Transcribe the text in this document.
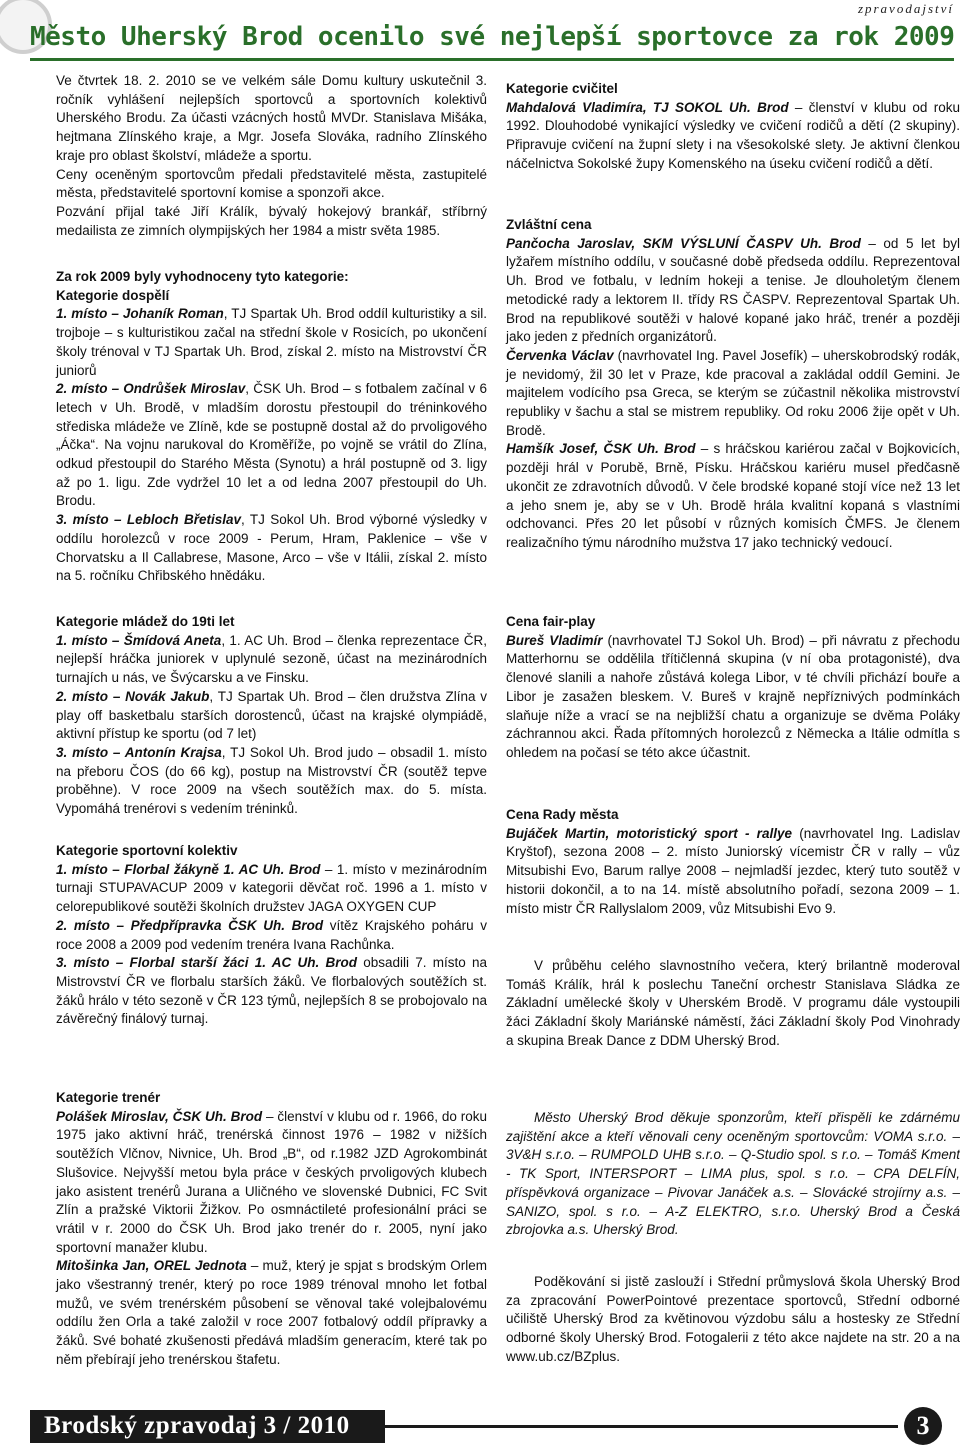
zpravodajství
Město Uherský Brod ocenilo své nejlepší sportovce za rok 2009

Ve čtvrtek 18. 2. 2010 se ve velkém sále Domu kultury uskutečnil 3. ročník vyhlášení nejlepších sportovců a sportovních kolektivů Uherského Brodu. Za účasti vzácných hostů MVDr. Stanislava Mišáka, hejtmana Zlínského kraje, a Mgr. Josefa Slováka, radního Zlínského kraje pro oblast školství, mládeže a sportu.

Ceny oceněným sportovcům předali představitelé města, zastupitelé města, představitelé sportovní komise a sponzoři akce.

Pozvání přijal také Jiří Králík, bývalý hokejový brankář, stříbrný medailista ze zimních olympijských her 1984 a mistr světa 1985.

Za rok 2009 byly vyhodnoceny tyto kategorie:

Kategorie dospělí

1. místo – Johaník Roman, TJ Spartak Uh. Brod oddíl kulturistiky a sil. trojboje – s kulturistikou začal na střední škole v Rosicích, po ukončení školy trénoval v TJ Spartak Uh. Brod, získal 2. místo na Mistrovství ČR juniorů

2. místo – Ondrůšek Miroslav, ČSK Uh. Brod – s fotbalem začínal v 6 letech v Uh. Brodě, v mladším dorostu přestoupil do tréninkového střediska mládeže ve Zlíně, kde se postupně dostal až do prvoligového „Áčka“. Na vojnu narukoval do Kroměříže, po vojně se vrátil do Zlína, odkud přestoupil do Starého Města (Synotu) a hrál postupně od 3. ligy až po 1. ligu. Zde vydržel 10 let a od ledna 2007 přestoupil do Uh. Brodu.

3. místo – Lebloch Břetislav, TJ Sokol Uh. Brod výborné výsledky v oddílu horolezců v roce 2009 - Perum, Hram, Paklenice – vše v Chorvatsku a Il Callabrese, Masone, Arco – vše v Itálii, získal 2. místo na 5. ročníku Chřibského hnědáku.

Kategorie mládež do 19ti let

1. místo – Šmídová Aneta, 1. AC Uh. Brod – členka reprezentace ČR, nejlepší hráčka juniorek v uplynulé sezoně, účast na mezinárodních turnajích u nás, ve Švýcarsku a ve Finsku.

2. místo – Novák Jakub, TJ Spartak Uh. Brod – člen družstva Zlína v play off basketbalu starších dorostenců, účast na krajské olympiádě, aktivní přístup ke sportu (od 7 let)

3. místo – Antonín Krajsa, TJ Sokol Uh. Brod judo – obsadil 1. místo na přeboru ČOS (do 66 kg), postup na Mistrovství ČR (soutěž tepve proběhne). V roce 2009 na všech soutěžích max. do 5. místa. Vypomáhá trenérovi s vedením tréninků.

Kategorie sportovní kolektiv

1. místo – Florbal žákyně 1. AC Uh. Brod – 1. místo v mezinárodním turnaji STUPAVACUP 2009 v kategorii děvčat roč. 1996 a 1. místo v celorepublikové soutěži školních družstev JAGA OXYGEN CUP

2. místo – Předpřípravka ČSK Uh. Brod vítěz Krajského poháru v roce 2008 a 2009 pod vedením trenéra Ivana Rachůnka.

3. místo – Florbal starší žáci 1. AC Uh. Brod obsadili 7. místo na Mistrovství ČR ve florbalu starších žáků. Ve florbalových soutěžích st. žáků hrálo v této sezoně v ČR 123 týmů, nejlepších 8 se probojovalo na závěrečný finálový turnaj.

Kategorie trenér

Polášek Miroslav, ČSK Uh. Brod – členství v klubu od r. 1966, do roku 1975 jako aktivní hráč, trenérská činnost 1976 – 1982 v nižších soutěžích Vlčnov, Nivnice, Uh. Brod „B“, od r.1982 JZD Agrokombinát Slušovice. Nejvyšší metou byla práce v českých prvoligových klubech jako asistent trenérů Jurana a Uličného ve slovenské Dubnici, FC Svit Zlín a pražské Viktorii Žižkov. Po osmnáctileté profesionální práci se vrátil v r. 2000 do ČSK Uh. Brod jako trenér do r. 2005, nyní jako sportovní manažer klubu.

Mitošinka Jan, OREL Jednota – muž, který je spjat s brodským Orlem jako všestranný trenér, který po roce 1989 trénoval mnoho let fotbal mužů, ve svém trenérském působení se věnoval také volejbalovému oddílu žen Orla a také založil v roce 2007 fotbalový oddíl přípravky a žáků. Své bohaté zkušenosti předává mladším generacím, které tak po něm přebírají jeho trenérskou štafetu.

Kategorie cvičitel

Mahdalová Vladimíra, TJ SOKOL Uh. Brod – členství v klubu od roku 1992. Dlouhodobé vynikající výsledky ve cvičení rodičů a dětí (2 skupiny). Připravuje cvičení na župní slety i na všesokolské slety. Je aktivní členkou náčelnictva Sokolské župy Komenského na úseku cvičení rodičů a dětí.

Zvláštní cena

Pančocha Jaroslav, SKM VÝSLUNÍ ČASPV Uh. Brod – od 5 let byl lyžařem místního oddílu, v současné době předseda oddílu. Reprezentoval Uh. Brod ve fotbalu, v ledním hokeji a tenise. Je dlouholetým členem metodické rady a lektorem II. třídy RS ČASPV. Reprezentoval Spartak Uh. Brod na republikové soutěži v halové kopané jako hráč, trenér a později jako jeden z předních organizátorů.

Červenka Václav (navrhovatel Ing. Pavel Josefík) – uherskobrodský rodák, je nevidomý, žil 30 let v Praze, kde pracoval a zakládal oddíl Gemini. Je majitelem vodícího psa Greca, se kterým se zúčastnil několika mistrovství republiky v šachu a stal se mistrem republiky. Od roku 2006 žije opět v Uh. Brodě.

Hamšík Josef, ČSK Uh. Brod – s hráčskou kariérou začal v Bojkovicích, později hrál v Porubě, Brně, Písku. Hráčskou kariéru musel předčasně ukončit ze zdravotních důvodů. V čele brodské kopané stojí více než 13 let a jeho snem je, aby se v Uh. Brodě hrála kvalitní kopaná s vlastními odchovanci. Přes 20 let působí v různých komisích ČMFS. Je členem realizačního týmu národního mužstva 17 jako technický vedoucí.

Cena fair-play

Bureš Vladimír (navrhovatel TJ Sokol Uh. Brod) – při návratu z přechodu Matterhornu se oddělila třítičlenná skupina (v ní oba protagonisté), dva členové slanili a nahoře zůstává kolega Libor, v té chvíli přichází bouře a Libor je zasažen bleskem. V. Bureš v krajně nepříznivých podmínkách slaňuje níže a vrací se na nejbližší chatu a organizuje se dvěma Poláky záchrannou akci. Řada přítomných horolezců z Německa a Itálie odmítla s ohledem na počasí se této akce účastnit.

Cena Rady města

Bujáček Martin, motoristický sport - rallye (navrhovatel Ing. Ladislav Kryštof), sezona 2008 – 2. místo Juniorský vícemistr ČR v rally – vůz Mitsubishi Evo, Barum rallye 2008 – nejmladší jezdec, který tuto soutěž v historii dokončil, a to na 14. místě absolutního pořadí, sezona 2009 – 1. místo mistr ČR Rallyslalom 2009, vůz Mitsubishi Evo 9.

V průběhu celého slavnostního večera, který brilantně moderoval Tomáš Králík, hrál k poslechu Taneční orchestr Stanislava Sládka ze Základní umělecké školy v Uherském Brodě. V programu dále vystoupili žáci Základní školy Mariánské náměstí, žáci Základní školy Pod Vinohrady a skupina Break Dance z DDM Uherský Brod.

Město Uherský Brod děkuje sponzorům, kteří přispěli ke zdárnému zajištění akce a kteří věnovali ceny oceněným sportovcům: VOMA s.r.o. – 3V&H s.r.o. – RUMPOLD UHB s.r.o. – Q-Studio spol. s r.o. – Tomáš Kment - TK Sport, INTERSPORT – LIMA plus, spol. s r.o. – CPA DELFÍN, příspěvková organizace – Pivovar Janáček a.s. – Slovácké strojírny a.s. – SANIZO, spol. s r.o. – A-Z ELEKTRO, s.r.o. Uherský Brod a Česká zbrojovka a.s. Uherský Brod.

Poděkování si jistě zaslouží i Střední průmyslová škola Uherský Brod za zpracování PowerPointové prezentace sportovců, Střední odborné učiliště Uherský Brod za květinovou výzdobu sálu a hostesky ze Střední odborné školy Uherský Brod. Fotogalerii z této akce najdete na str. 20 a na www.ub.cz/BZplus.

Brodský zpravodaj 3 / 2010	3
